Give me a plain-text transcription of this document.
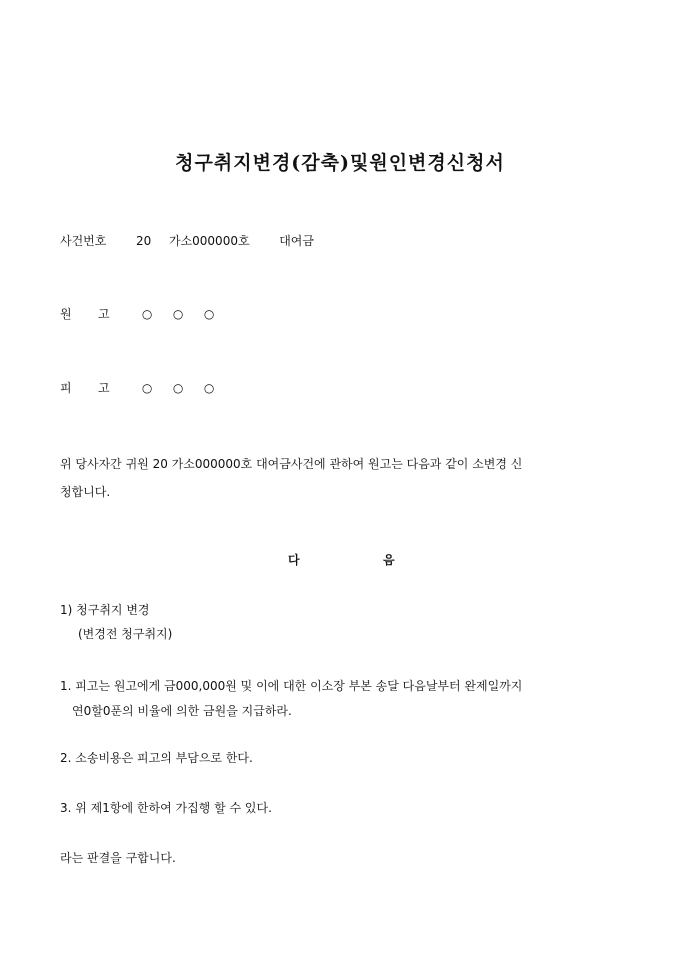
청구취지변경(감축)및원인변경신청서
사건번호 20 가소000000호 대여금
원 고	○ ○ ○
피 고	○ ○ ○
위 당사자간 귀원 20 가소000000호 대여금사건에 관하여 원고는 다음과 같이 소변경 신
청합니다.
다	음
1) 청구취지 변경
(변경전 청구취지)
1. 피고는 원고에게 금000,000원 및 이에 대한 이소장 부본 송달 다음날부터 완제일까지
연0할0푼의 비율에 의한 금원을 지급하라.
2. 소송비용은 피고의 부담으로 한다.
3. 위 제1항에 한하여 가집행 할 수 있다.
라는 판결을 구합니다.
